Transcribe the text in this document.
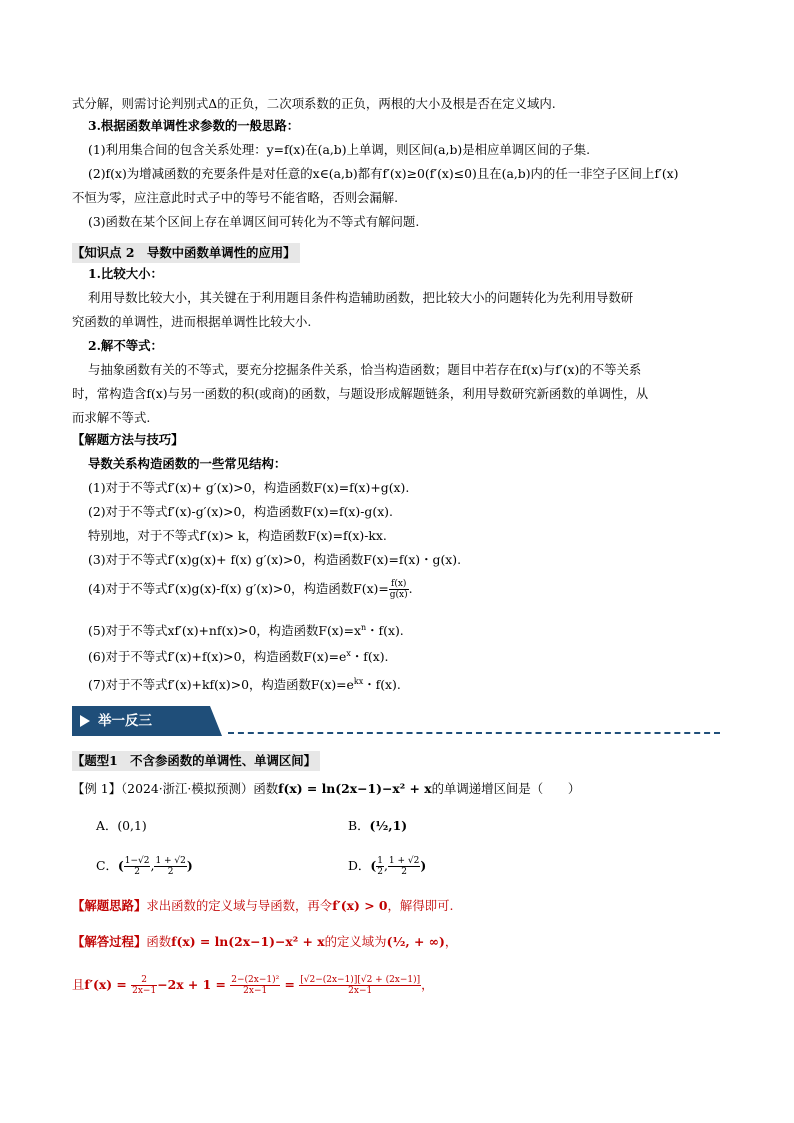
式分解，则需讨论判别式Δ的正负，二次项系数的正负，两根的大小及根是否在定义域内.
3.根据函数单调性求参数的一般思路：
(1)利用集合间的包含关系处理：y=f(x)在(a,b)上单调，则区间(a,b)是相应单调区间的子集.
(2)f(x)为增减函数的充要条件是对任意的x∈(a,b)都有f′(x)≥0(f′(x)≤0)且在(a,b)内的任一非空子区间上f′(x)
不恒为零，应注意此时式子中的等号不能省略，否则会漏解.
(3)函数在某个区间上存在单调区间可转化为不等式有解问题.
【知识点 2　导数中函数单调性的应用】
1.比较大小：
利用导数比较大小，其关键在于利用题目条件构造辅助函数，把比较大小的问题转化为先利用导数研
究函数的单调性，进而根据单调性比较大小.
2.解不等式：
与抽象函数有关的不等式，要充分挖掘条件关系，恰当构造函数；题目中若存在f(x)与f′(x)的不等关系
时，常构造含f(x)与另一函数的积(或商)的函数，与题设形成解题链条，利用导数研究新函数的单调性，从
而求解不等式.
【解题方法与技巧】
导数关系构造函数的一些常见结构：
(1)对于不等式f′(x)+ g′(x)>0，构造函数F(x)=f(x)+g(x).
(2)对于不等式f′(x)-g′(x)>0，构造函数F(x)=f(x)-g(x).
特别地，对于不等式f′(x)> k，构造函数F(x)=f(x)-kx.
(3)对于不等式f′(x)g(x)+ f(x) g′(x)>0，构造函数F(x)=f(x)・g(x).
(4)对于不等式f′(x)g(x)-f(x) g′(x)>0，构造函数$F(x)= \frac{f(x)}{g(x)}$ .
(5)对于不等式xf′(x)+nf(x)>0，构造函数$F(x)=x^n$・f(x).
(6)对于不等式f′(x)+f(x)>0，构造函数$F(x)=e^x$・f(x).
(7)对于不等式f′(x)+kf(x)>0，构造函数$F(x)=e^{kx}$・f(x).
举一反三
【题型1　不含参函数的单调性、单调区间】
【例 1】（2024·浙江·模拟预测）函数f(x) = ln(2x−1)−x² + x的单调递增区间是（　　）
A．(0,1)	B．(½,1)
C．( $\frac{1-√2}{2}$ , $\frac{1 + √2}{2}$ )	D．( $\frac{1}{2}$ , $\frac{1 + √2}{2}$ )
【解题思路】求出函数的定义域与导函数，再令f′(x) > 0，解得即可.
【解答过程】函数f(x) = ln(2x−1)−x² + x的定义域为(½, + ∞)，
且$f'(x) = \frac{2}{2x-1} -2x + 1 = \frac{\text{2−(2x−1)²}}{2x-1} = \frac{[√2-(2x-1)][√2 + (2x-1)]}{2x-1}$ ，
